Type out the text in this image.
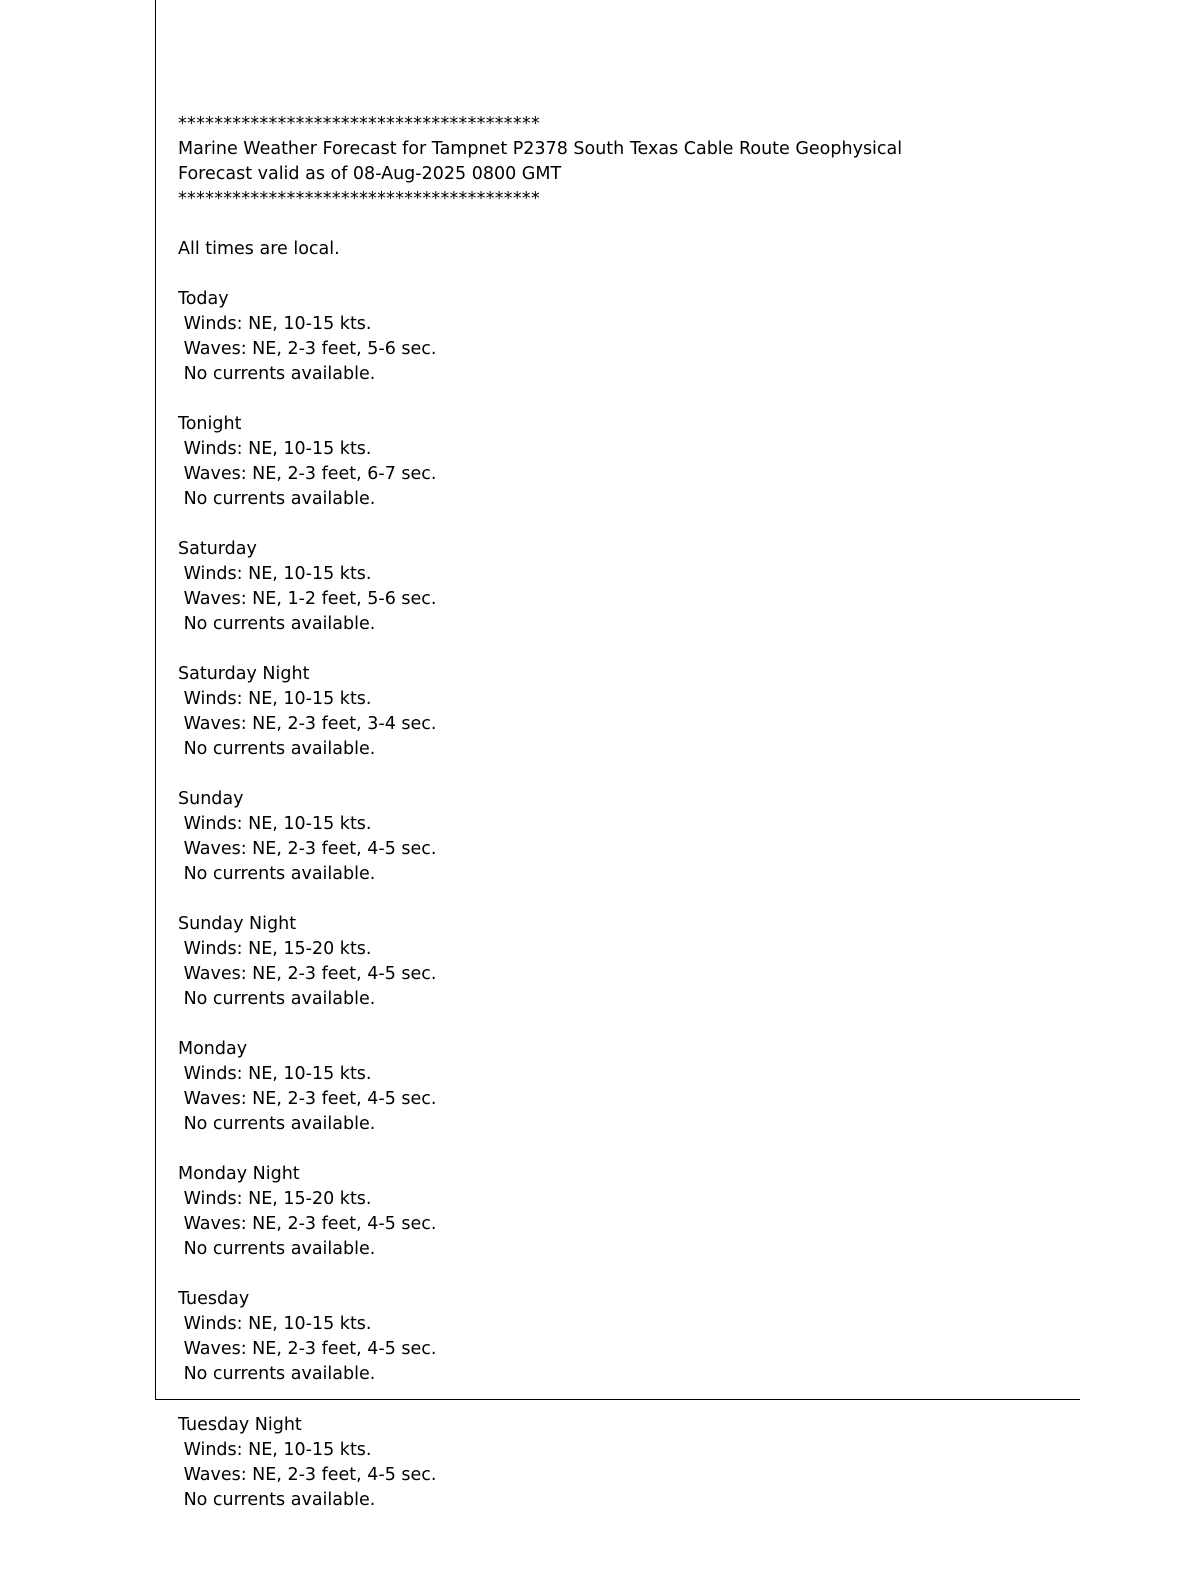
****************************************
Marine Weather Forecast for Tampnet P2378 South Texas Cable Route Geophysical
Forecast valid as of 08-Aug-2025 0800 GMT
****************************************
All times are local.
Today
Winds: NE, 10-15 kts.
Waves: NE, 2-3 feet, 5-6 sec.
No currents available.
Tonight
Winds: NE, 10-15 kts.
Waves: NE, 2-3 feet, 6-7 sec.
No currents available.
Saturday
Winds: NE, 10-15 kts.
Waves: NE, 1-2 feet, 5-6 sec.
No currents available.
Saturday Night
Winds: NE, 10-15 kts.
Waves: NE, 2-3 feet, 3-4 sec.
No currents available.
Sunday
Winds: NE, 10-15 kts.
Waves: NE, 2-3 feet, 4-5 sec.
No currents available.
Sunday Night
Winds: NE, 15-20 kts.
Waves: NE, 2-3 feet, 4-5 sec.
No currents available.
Monday
Winds: NE, 10-15 kts.
Waves: NE, 2-3 feet, 4-5 sec.
No currents available.
Monday Night
Winds: NE, 15-20 kts.
Waves: NE, 2-3 feet, 4-5 sec.
No currents available.
Tuesday
Winds: NE, 10-15 kts.
Waves: NE, 2-3 feet, 4-5 sec.
No currents available.
Tuesday Night
Winds: NE, 10-15 kts.
Waves: NE, 2-3 feet, 4-5 sec.
No currents available.
